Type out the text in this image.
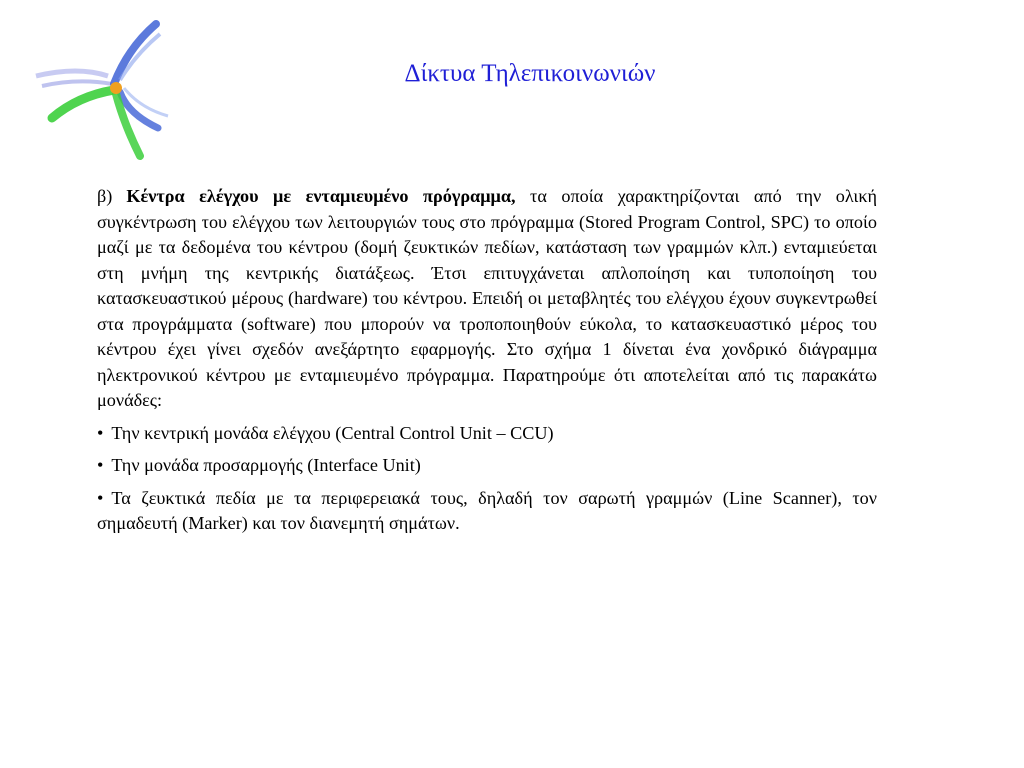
Δίκτυα Τηλεπικοινωνιών

β) Κέντρα ελέγχου με ενταμιευμένο πρόγραμμα, τα οποία χαρακτηρίζονται από την ολική συγκέντρωση του ελέγχου των λειτουργιών τους στο πρόγραμμα (Stored Program Control, SPC) το οποίο μαζί με τα δεδομένα του κέντρου (δομή ζευκτικών πεδίων, κατάσταση των γραμμών κλπ.) ενταμιεύεται στη μνήμη της κεντρικής διατάξεως. Έτσι επιτυγχάνεται απλοποίηση και τυποποίηση του κατασκευαστικού μέρους (hardware) του κέντρου. Επειδή οι μεταβλητές του ελέγχου έχουν συγκεντρωθεί στα προγράμματα (software) που μπορούν να τροποποιηθούν εύκολα, το κατασκευαστικό μέρος του κέντρου έχει γίνει σχεδόν ανεξάρτητο εφαρμογής. Στο σχήμα 1 δίνεται ένα χονδρικό διάγραμμα ηλεκτρονικού κέντρου με ενταμιευμένο πρόγραμμα. Παρατηρούμε ότι αποτελείται από τις παρακάτω μονάδες:

• Την κεντρική μονάδα ελέγχου (Central Control Unit – CCU)

• Την μονάδα προσαρμογής (Interface Unit)

• Τα ζευκτικά πεδία με τα περιφερειακά τους, δηλαδή τον σαρωτή γραμμών (Line Scanner), τον σημαδευτή (Marker) και τον διανεμητή σημάτων.
